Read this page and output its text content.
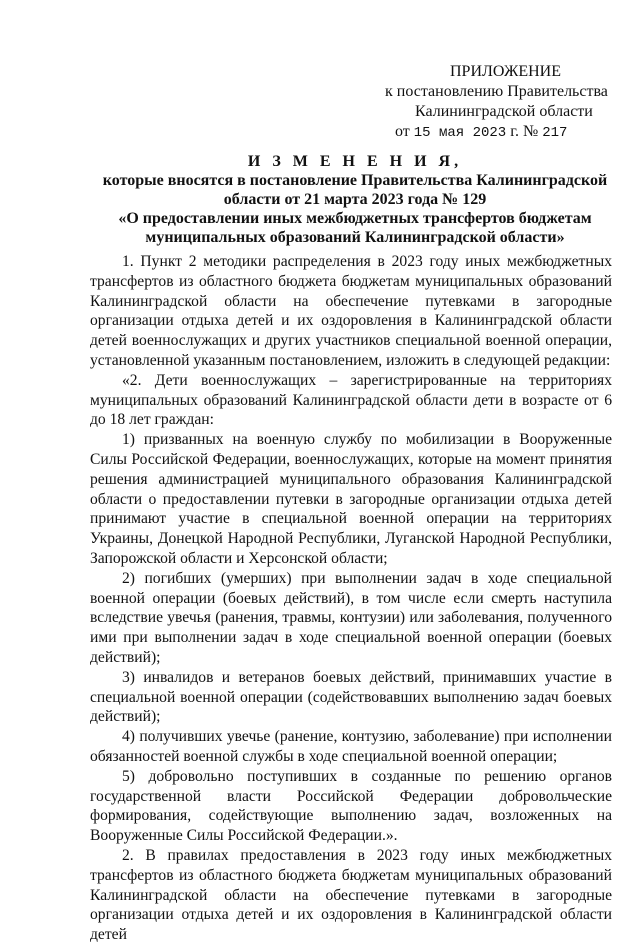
ПРИЛОЖЕНИЕ
к постановлению Правительства
Калининградской области
от 15 мая 2023 г. № 217
И З М Е Н Е Н И Я,
которые вносятся в постановление Правительства Калининградской
области от 21 марта 2023 года № 129
«О предоставлении иных межбюджетных трансфертов бюджетам
муниципальных образований Калининградской области»

1. Пункт 2 методики распределения в 2023 году иных межбюджетных трансфертов из областного бюджета бюджетам муниципальных образований Калининградской области на обеспечение путевками в загородные организации отдыха детей и их оздоровления в Калининградской области детей военнослужащих и других участников специальной военной операции, установленной указанным постановлением, изложить в следующей редакции:

«2. Дети военнослужащих – зарегистрированные на территориях муниципальных образований Калининградской области дети в возрасте от 6 до 18 лет граждан:

1) призванных на военную службу по мобилизации в Вооруженные Силы Российской Федерации, военнослужащих, которые на момент принятия решения администрацией муниципального образования Калининградской области о предоставлении путевки в загородные организации отдыха детей принимают участие в специальной военной операции на территориях Украины, Донецкой Народной Республики, Луганской Народной Республики, Запорожской области и Херсонской области;

2) погибших (умерших) при выполнении задач в ходе специальной военной операции (боевых действий), в том числе если смерть наступила вследствие увечья (ранения, травмы, контузии) или заболевания, полученного ими при выполнении задач в ходе специальной военной операции (боевых действий);

3) инвалидов и ветеранов боевых действий, принимавших участие в специальной военной операции (содействовавших выполнению задач боевых действий);

4) получивших увечье (ранение, контузию, заболевание) при исполнении обязанностей военной службы в ходе специальной военной операции;

5) добровольно поступивших в созданные по решению органов государственной власти Российской Федерации добровольческие формирования, содействующие выполнению задач, возложенных на Вооруженные Силы Российской Федерации.».

2. В правилах предоставления в 2023 году иных межбюджетных трансфертов из областного бюджета бюджетам муниципальных образований Калининградской области на обеспечение путевками в загородные организации отдыха детей и их оздоровления в Калининградской области детей
